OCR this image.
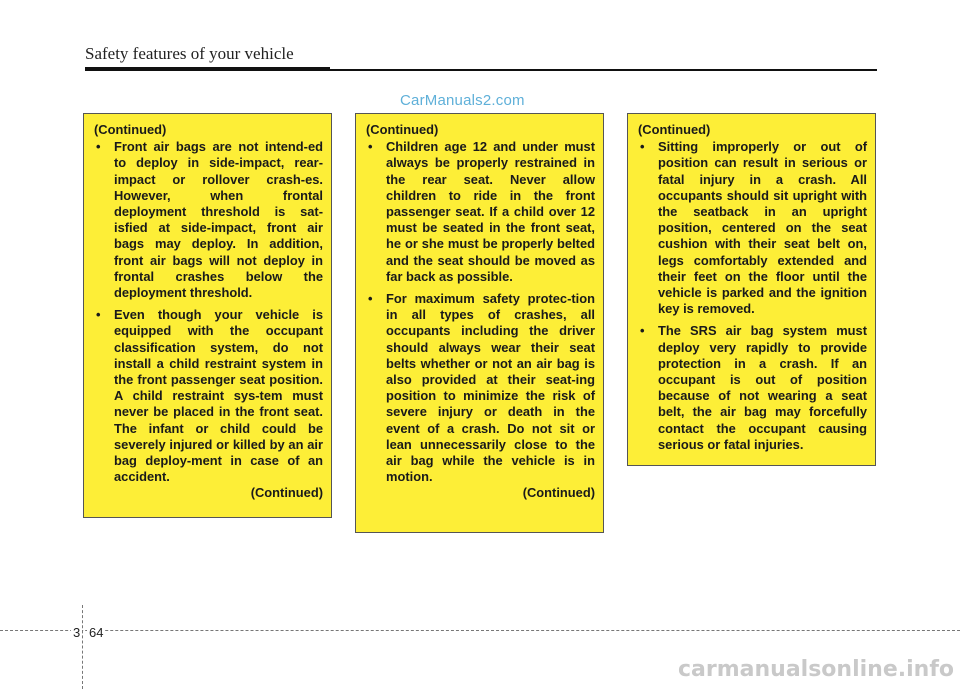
Safety features of your vehicle
CarManuals2.com
(Continued)
• Front air bags are not intend-ed to deploy in side-impact, rear-impact or rollover crash-es. However, when frontal deployment threshold is sat-isfied at side-impact, front air bags may deploy. In addition, front air bags will not deploy in frontal crashes below the deployment threshold.
• Even though your vehicle is equipped with the occupant classification system, do not install a child restraint system in the front passenger seat position. A child restraint sys-tem must never be placed in the front seat. The infant or child could be severely injured or killed by an air bag deploy-ment in case of an accident.
(Continued)
(Continued)
• Children age 12 and under must always be properly restrained in the rear seat. Never allow children to ride in the front passenger seat. If a child over 12 must be seated in the front seat, he or she must be properly belted and the seat should be moved as far back as possible.
• For maximum safety protec-tion in all types of crashes, all occupants including the driver should always wear their seat belts whether or not an air bag is also provided at their seat-ing position to minimize the risk of severe injury or death in the event of a crash. Do not sit or lean unnecessarily close to the air bag while the vehicle is in motion.
(Continued)
(Continued)
• Sitting improperly or out of position can result in serious or fatal injury in a crash. All occupants should sit upright with the seatback in an upright position, centered on the seat cushion with their seat belt on, legs comfortably extended and their feet on the floor until the vehicle is parked and the ignition key is removed.
• The SRS air bag system must deploy very rapidly to provide protection in a crash. If an occupant is out of position because of not wearing a seat belt, the air bag may forcefully contact the occupant causing serious or fatal injuries.
3 64
carmanualsonline.info
